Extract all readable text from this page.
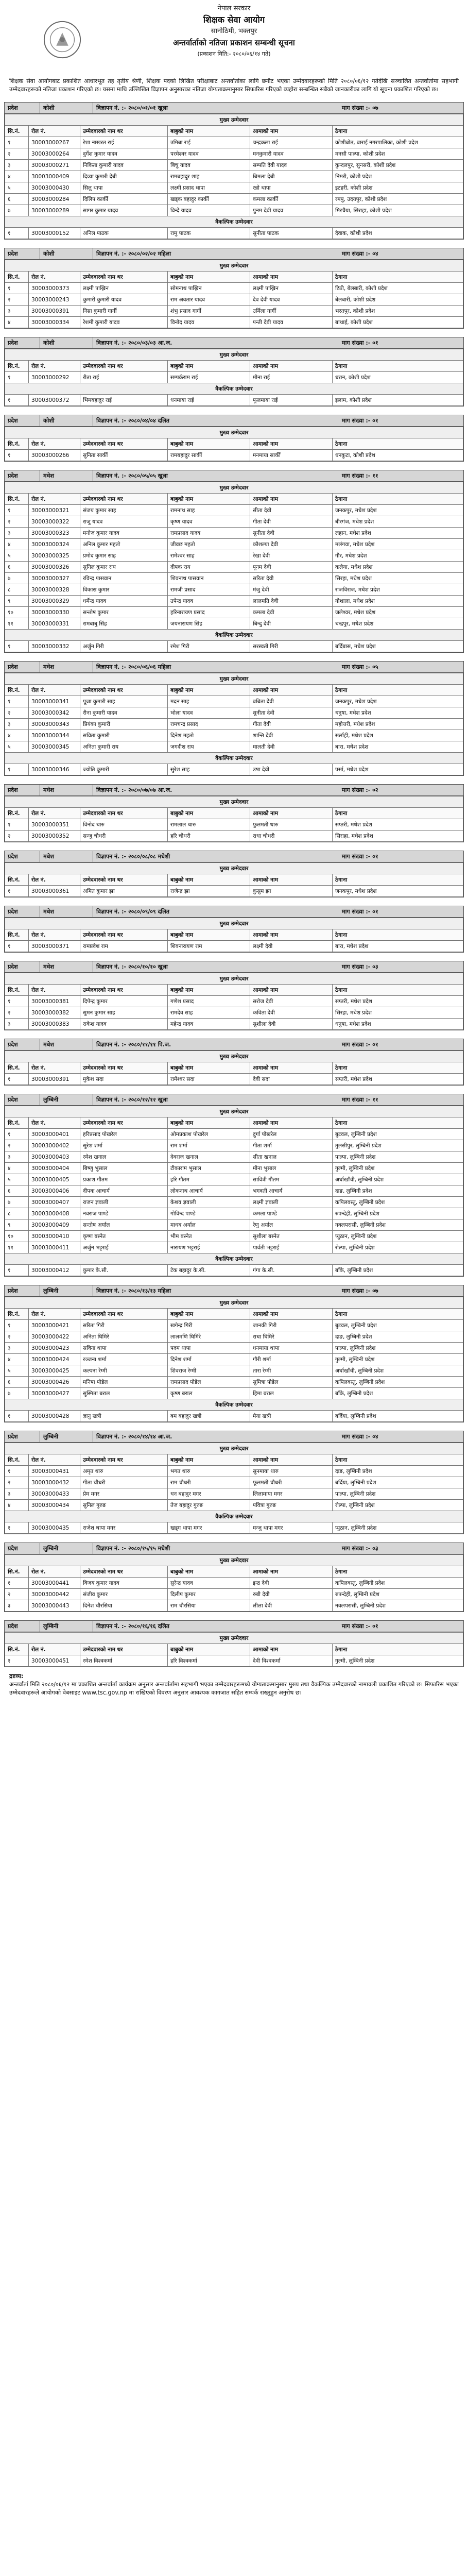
नेपाल सरकार
शिक्षक सेवा आयोग
सानोठिमी, भक्तपुर
अन्तर्वार्ताको नतिजा प्रकाशन सम्बन्धी सूचना
(प्रकाशन मिति:- २०८०/०६/१४ गते)
शिक्षक सेवा आयोगबाट प्रकाशित आधारभूत तह तृतीय श्रेणी, शिक्षक पदको लिखित परीक्षाबाट अन्तर्वार्ताका लागि छनौट भएका उम्मेदवारहरूको मिति २०८०/०६/१२ गतेदेखि सञ्चालित अन्तर्वार्तामा सहभागी उम्मेदवारहरूको नतिजा प्रकाशन गरिएको छ। यसमा माथि उल्लिखित विज्ञापन अनुसारका नतिजा योग्यताक्रमानुसार सिफारिस गरिएको व्यहोरा सम्बन्धित सबैको जानकारीका लागि यो सूचना प्रकाशित गरिएको छ।
प्रदेश	कोशी	विज्ञापन नं. :- २०८०/०१/०१ खुला	माग संख्या :- ०७
मुख्य उम्मेदवार					
सि.नं.	रोल नं.	उम्मेदवारको नाम थर	बाबुको नाम	आमाको नाम	ठेगाना
१	30003000267	रेशा नाखरत राई	उमिबा राई	चन्द्रकला राई	कोशीबोत, बाराई नगरपालिका, कोशी प्रदेश
२	30003000264	दुर्गेश कुमार यादव	परमेश्वर यादव	मनकुमारी यादव	मनसी पाल्पा, कोशी प्रदेश
३	30003000271	निकिता कुमारी यादव	बिचु यादव	सम्पति देवी यादव	कुन्दलपुर, सुनसरी, कोशी प्रदेश
४	30003000409	दिव्या कुमारी देबी	रामबहादुर शाह	बिमला देबी	निमरी, कोशी प्रदेश
५	30003000430	सिलु थापा	लक्ष्मी प्रसाद थापा	रन्नो थापा	इटहरी, कोशी प्रदेश
६	30003000284	दिलिप कार्की	खड्क बहादुर कार्की	कमला कार्की	रमपु, उदयपुर, कोशी प्रदेश
७	30003000289	सागर कुमार यादव	विन्दे यादव	पुनम देवी यादव	मिरचैया, सिराहा, कोशी प्रदेश
वैकल्पिक उम्मेदवार					
१	30003000152	अनिल पाठक	रामु पाठक	सुनीता पाठक	देवाक, कोशी प्रदेश
प्रदेश	कोशी	विज्ञापन नं. :- २०८०/०२/०२ महिला	माग संख्या :- ०४
मुख्य उम्मेदवार					
सि.नं.	रोल नं.	उम्मेदवारको नाम थर	बाबुको नाम	आमाको नाम	ठेगाना
१	30003000373	लक्ष्मी पाख्रिन	सोमनाथ पाख्रिन	लक्ष्मी पाख्रिन	टिठी, बेलबारी, कोशी प्रदेश
२	30003000243	कुमारी कुमारी यादव	राम अवतार यादव	देव देवी यादव	बेलबारी, कोशी प्रदेश
३	30003000391	निम्रा कुमारी गार्गी	शंभु प्रसाद गार्गी	उर्मिला गार्गी	भरतपुर, कोशी प्रदेश
४	30003000334	रेशमी कुमारी यादव	विनोद यादव	पन्ती देवी यादव	बाथाई, कोशी प्रदेश
प्रदेश	कोशी	विज्ञापन नं. :- २०८०/०३/०३ आ.ज.	माग संख्या :- ०१
मुख्य उम्मेदवार					
सि.नं.	रोल नं.	उम्मेदवारको नाम थर	बाबुको नाम	आमाको नाम	ठेगाना
१	30003000292	रीता राई	सम्पर्कराम राई	मीना राई	धरान, कोशी प्रदेश
वैकल्पिक उम्मेदवार					
१	30003000372	भिमबहादुर राई	धनमाया राई	फूलमाया राई	इलाम, कोशी प्रदेश
प्रदेश	कोशी	विज्ञापन नं. :- २०८०/०४/०४ दलित	माग संख्या :- ०१
मुख्य उम्मेदवार					
सि.नं.	रोल नं.	उम्मेदवारको नाम थर	बाबुको नाम	आमाको नाम	ठेगाना
१	30003000266	सुनिता सार्की	रामबहादुर सार्की	मनमाया सार्की	धनकुटा, कोशी प्रदेश
प्रदेश	मधेश	विज्ञापन नं. :- २०८०/०५/०५ खुला	माग संख्या :- ११
मुख्य उम्मेदवार					
सि.नं.	रोल नं.	उम्मेदवारको नाम थर	बाबुको नाम	आमाको नाम	ठेगाना
१	30003000321	संजय कुमार साह	रामनाथ साह	सीता देवी	जनकपुर, मधेश प्रदेश
२	30003000322	राजु यादव	कृष्ण यादव	गीता देवी	बीरगंज, मधेश प्रदेश
३	30003000323	मनोज कुमार यादव	रामप्रसाद यादव	सुनीता देवी	लहान, मधेश प्रदेश
४	30003000324	अनिल कुमार महतो	जीवछ महतो	कौशल्या देवी	मलंगवा, मधेश प्रदेश
५	30003000325	प्रमोद कुमार साह	रामेश्वर साह	रेखा देवी	गौर, मधेश प्रदेश
६	30003000326	सुनिल कुमार राय	दीपक राय	पूनम देवी	कलैया, मधेश प्रदेश
७	30003000327	रविन्द्र पासवान	शिवनाथ पासवान	सरिता देवी	सिरहा, मधेश प्रदेश
८	30003000328	विकास कुमार	रामजी प्रसाद	मंजु देवी	राजविराज, मधेश प्रदेश
९	30003000329	धर्मेन्द्र यादव	उपेन्द्र यादव	लालमति देवी	गौशाला, मधेश प्रदेश
१०	30003000330	सन्तोष कुमार	हरिनारायण प्रसाद	कमला देवी	जलेश्वर, मधेश प्रदेश
११	30003000331	रामबाबु सिंह	जयनारायण सिंह	बिन्दु देवी	चन्द्रपुर, मधेश प्रदेश
वैकल्पिक उम्मेदवार					
१	30003000332	अर्जुन गिरी	रमेश गिरी	सरस्वती गिरी	बर्दिबास, मधेश प्रदेश
प्रदेश	मधेश	विज्ञापन नं. :- २०८०/०६/०६ महिला	माग संख्या :- ०५
मुख्य उम्मेदवार					
सि.नं.	रोल नं.	उम्मेदवारको नाम थर	बाबुको नाम	आमाको नाम	ठेगाना
१	30003000341	पूजा कुमारी साह	मदन साह	बबिता देवी	जनकपुर, मधेश प्रदेश
२	30003000342	रीना कुमारी यादव	भोला यादव	सुनीता देवी	धनुषा, मधेश प्रदेश
३	30003000343	प्रियंका कुमारी	रामचन्द्र प्रसाद	गीता देवी	महोत्तरी, मधेश प्रदेश
४	30003000344	सविता कुमारी	दिनेश महतो	शान्ति देवी	सर्लाही, मधेश प्रदेश
५	30003000345	अनिता कुमारी राय	जगदीश राय	मालती देवी	बारा, मधेश प्रदेश
वैकल्पिक उम्मेदवार					
१	30003000346	ज्योति कुमारी	सुरेश साह	उषा देवी	पर्सा, मधेश प्रदेश
प्रदेश	मधेश	विज्ञापन नं. :- २०८०/०७/०७ आ.ज.	माग संख्या :- ०२
मुख्य उम्मेदवार					
सि.नं.	रोल नं.	उम्मेदवारको नाम थर	बाबुको नाम	आमाको नाम	ठेगाना
१	30003000351	विनोद थारु	रामलाल थारु	फुलमती थारु	सप्तरी, मधेश प्रदेश
२	30003000352	सन्जु चौधरी	हरि चौधरी	राधा चौधरी	सिराहा, मधेश प्रदेश
प्रदेश	मधेश	विज्ञापन नं. :- २०८०/०८/०८ मधेशी	माग संख्या :- ०१
मुख्य उम्मेदवार					
सि.नं.	रोल नं.	उम्मेदवारको नाम थर	बाबुको नाम	आमाको नाम	ठेगाना
१	30003000361	अमित कुमार झा	राजेन्द्र झा	कुसुम झा	जनकपुर, मधेश प्रदेश
प्रदेश	मधेश	विज्ञापन नं. :- २०८०/०९/०९ दलित	माग संख्या :- ०१
मुख्य उम्मेदवार					
सि.नं.	रोल नं.	उम्मेदवारको नाम थर	बाबुको नाम	आमाको नाम	ठेगाना
१	30003000371	रामप्रवेश राम	शिवनारायण राम	लक्ष्मी देवी	बारा, मधेश प्रदेश
प्रदेश	मधेश	विज्ञापन नं. :- २०८०/१०/१० खुला	माग संख्या :- ०३
मुख्य उम्मेदवार					
सि.नं.	रोल नं.	उम्मेदवारको नाम थर	बाबुको नाम	आमाको नाम	ठेगाना
१	30003000381	दिपेन्द्र कुमार	गणेश प्रसाद	सरोज देवी	सप्तरी, मधेश प्रदेश
२	30003000382	सुमन कुमार साह	रामदेव साह	कविता देवी	सिरहा, मधेश प्रदेश
३	30003000383	राकेश यादव	महेन्द्र यादव	सुशीला देवी	धनुषा, मधेश प्रदेश
प्रदेश	मधेश	विज्ञापन नं. :- २०८०/११/११ पि.ज.	माग संख्या :- ०१
मुख्य उम्मेदवार					
सि.नं.	रोल नं.	उम्मेदवारको नाम थर	बाबुको नाम	आमाको नाम	ठेगाना
१	30003000391	मुकेश सदा	रामेश्वर सदा	देवी सदा	सप्तरी, मधेश प्रदेश
प्रदेश	लुम्बिनी	विज्ञापन नं. :- २०८०/१२/१२ खुला	माग संख्या :- ११
मुख्य उम्मेदवार					
सि.नं.	रोल नं.	उम्मेदवारको नाम थर	बाबुको नाम	आमाको नाम	ठेगाना
१	30003000401	हरिप्रसाद पोखरेल	ओमप्रकाश पोखरेल	दुर्गा पोखरेल	बुटवल, लुम्बिनी प्रदेश
२	30003000402	सुरेश शर्मा	राम शर्मा	गीता शर्मा	तुलसीपुर, लुम्बिनी प्रदेश
३	30003000403	रमेश खनाल	देवराज खनाल	सीता खनाल	पाल्पा, लुम्बिनी प्रदेश
४	30003000404	बिष्णु भुसाल	टीकाराम भुसाल	मीना भुसाल	गुल्मी, लुम्बिनी प्रदेश
५	30003000405	प्रकाश गौतम	हरि गौतम	सावित्री गौतम	अर्घाखाँची, लुम्बिनी प्रदेश
६	30003000406	दीपक आचार्य	लोकनाथ आचार्य	भगवती आचार्य	दाङ, लुम्बिनी प्रदेश
७	30003000407	राजन ज्ञवाली	केशव ज्ञवाली	लक्ष्मी ज्ञवाली	कपिलवस्तु, लुम्बिनी प्रदेश
८	30003000408	नवराज पाण्डे	गोविन्द पाण्डे	कमला पाण्डे	रुपन्देही, लुम्बिनी प्रदेश
९	30003000409	सन्तोष अर्याल	माधव अर्याल	रेणु अर्याल	नवलपरासी, लुम्बिनी प्रदेश
१०	30003000410	कृष्ण बस्नेत	भीम बस्नेत	सुशीला बस्नेत	प्युठान, लुम्बिनी प्रदेश
११	30003000411	अर्जुन भट्टराई	नारायण भट्टराई	पार्वती भट्टराई	रोल्पा, लुम्बिनी प्रदेश
वैकल्पिक उम्मेदवार					
१	30003000412	कुमार के.सी.	टेक बहादुर के.सी.	गंगा के.सी.	बाँके, लुम्बिनी प्रदेश
प्रदेश	लुम्बिनी	विज्ञापन नं. :- २०८०/१३/१३ महिला	माग संख्या :- ०७
मुख्य उम्मेदवार					
सि.नं.	रोल नं.	उम्मेदवारको नाम थर	बाबुको नाम	आमाको नाम	ठेगाना
१	30003000421	सरिता गिरी	खगेन्द्र गिरी	जानकी गिरी	बुटवल, लुम्बिनी प्रदेश
२	30003000422	अनिता घिमिरे	लालमणि घिमिरे	राधा घिमिरे	दाङ, लुम्बिनी प्रदेश
३	30003000423	सविना थापा	पदम थापा	धनमाया थापा	पाल्पा, लुम्बिनी प्रदेश
४	30003000424	रञ्जना शर्मा	दिनेश शर्मा	गौरी शर्मा	गुल्मी, लुम्बिनी प्रदेश
५	30003000425	कल्पना रेग्मी	शिवराज रेग्मी	तारा रेग्मी	अर्घाखाँची, लुम्बिनी प्रदेश
६	30003000426	मनिषा पौडेल	रामप्रसाद पौडेल	सुमित्रा पौडेल	कपिलवस्तु, लुम्बिनी प्रदेश
७	30003000427	सुस्मिता बराल	कृष्ण बराल	हिमा बराल	बाँके, लुम्बिनी प्रदेश
वैकल्पिक उम्मेदवार					
१	30003000428	ज्ञानु खत्री	बम बहादुर खत्री	मैया खत्री	बर्दिया, लुम्बिनी प्रदेश
प्रदेश	लुम्बिनी	विज्ञापन नं. :- २०८०/१४/१४ आ.ज.	माग संख्या :- ०४
मुख्य उम्मेदवार					
सि.नं.	रोल नं.	उम्मेदवारको नाम थर	बाबुको नाम	आमाको नाम	ठेगाना
१	30003000431	अमृत थारु	भगत थारु	सुनमाया थारु	दाङ, लुम्बिनी प्रदेश
२	30003000432	गीता चौधरी	राम चौधरी	फूलमती चौधरी	बर्दिया, लुम्बिनी प्रदेश
३	30003000433	प्रेम मगर	धन बहादुर मगर	लिलामाया मगर	पाल्पा, लुम्बिनी प्रदेश
४	30003000434	सुनिल गुरुङ	तेज बहादुर गुरुङ	पवित्रा गुरुङ	रोल्पा, लुम्बिनी प्रदेश
वैकल्पिक उम्मेदवार					
१	30003000435	राजेश थापा मगर	खड्ग थापा मगर	मन्जु थापा मगर	प्युठान, लुम्बिनी प्रदेश
प्रदेश	लुम्बिनी	विज्ञापन नं. :- २०८०/१५/१५ मधेशी	माग संख्या :- ०३
मुख्य उम्मेदवार					
सि.नं.	रोल नं.	उम्मेदवारको नाम थर	बाबुको नाम	आमाको नाम	ठेगाना
१	30003000441	विजय कुमार यादव	सुरेन्द्र यादव	इन्द्र देवी	कपिलवस्तु, लुम्बिनी प्रदेश
२	30003000442	संजीव कुमार	दिलीप कुमार	रुबी देवी	रुपन्देही, लुम्बिनी प्रदेश
३	30003000443	दिनेश चौरसिया	राम चौरसिया	लीला देवी	नवलपरासी, लुम्बिनी प्रदेश
प्रदेश	लुम्बिनी	विज्ञापन नं. :- २०८०/१६/१६ दलित	माग संख्या :- ०१
मुख्य उम्मेदवार					
सि.नं.	रोल नं.	उम्मेदवारको नाम थर	बाबुको नाम	आमाको नाम	ठेगाना
१	30003000451	रमेश विश्वकर्मा	हरि विश्वकर्मा	देवी विश्वकर्मा	गुल्मी, लुम्बिनी प्रदेश
द्रष्टव्य:
अन्तर्वार्ता मिति २०८०/०६/१२ मा प्रकाशित अन्तर्वार्ता कार्यक्रम अनुसार अन्तर्वार्तामा सहभागी भएका उम्मेदवारहरूमध्ये योग्यताक्रमानुसार मुख्य तथा वैकल्पिक उम्मेदवारको नामावली प्रकाशित गरिएको छ। सिफारिस भएका उम्मेदवारहरूले आयोगको वेबसाइट www.tsc.gov.np मा राखिएको विवरण अनुसार आवश्यक कागजात सहित सम्पर्क राख्नुहुन अनुरोध छ।
